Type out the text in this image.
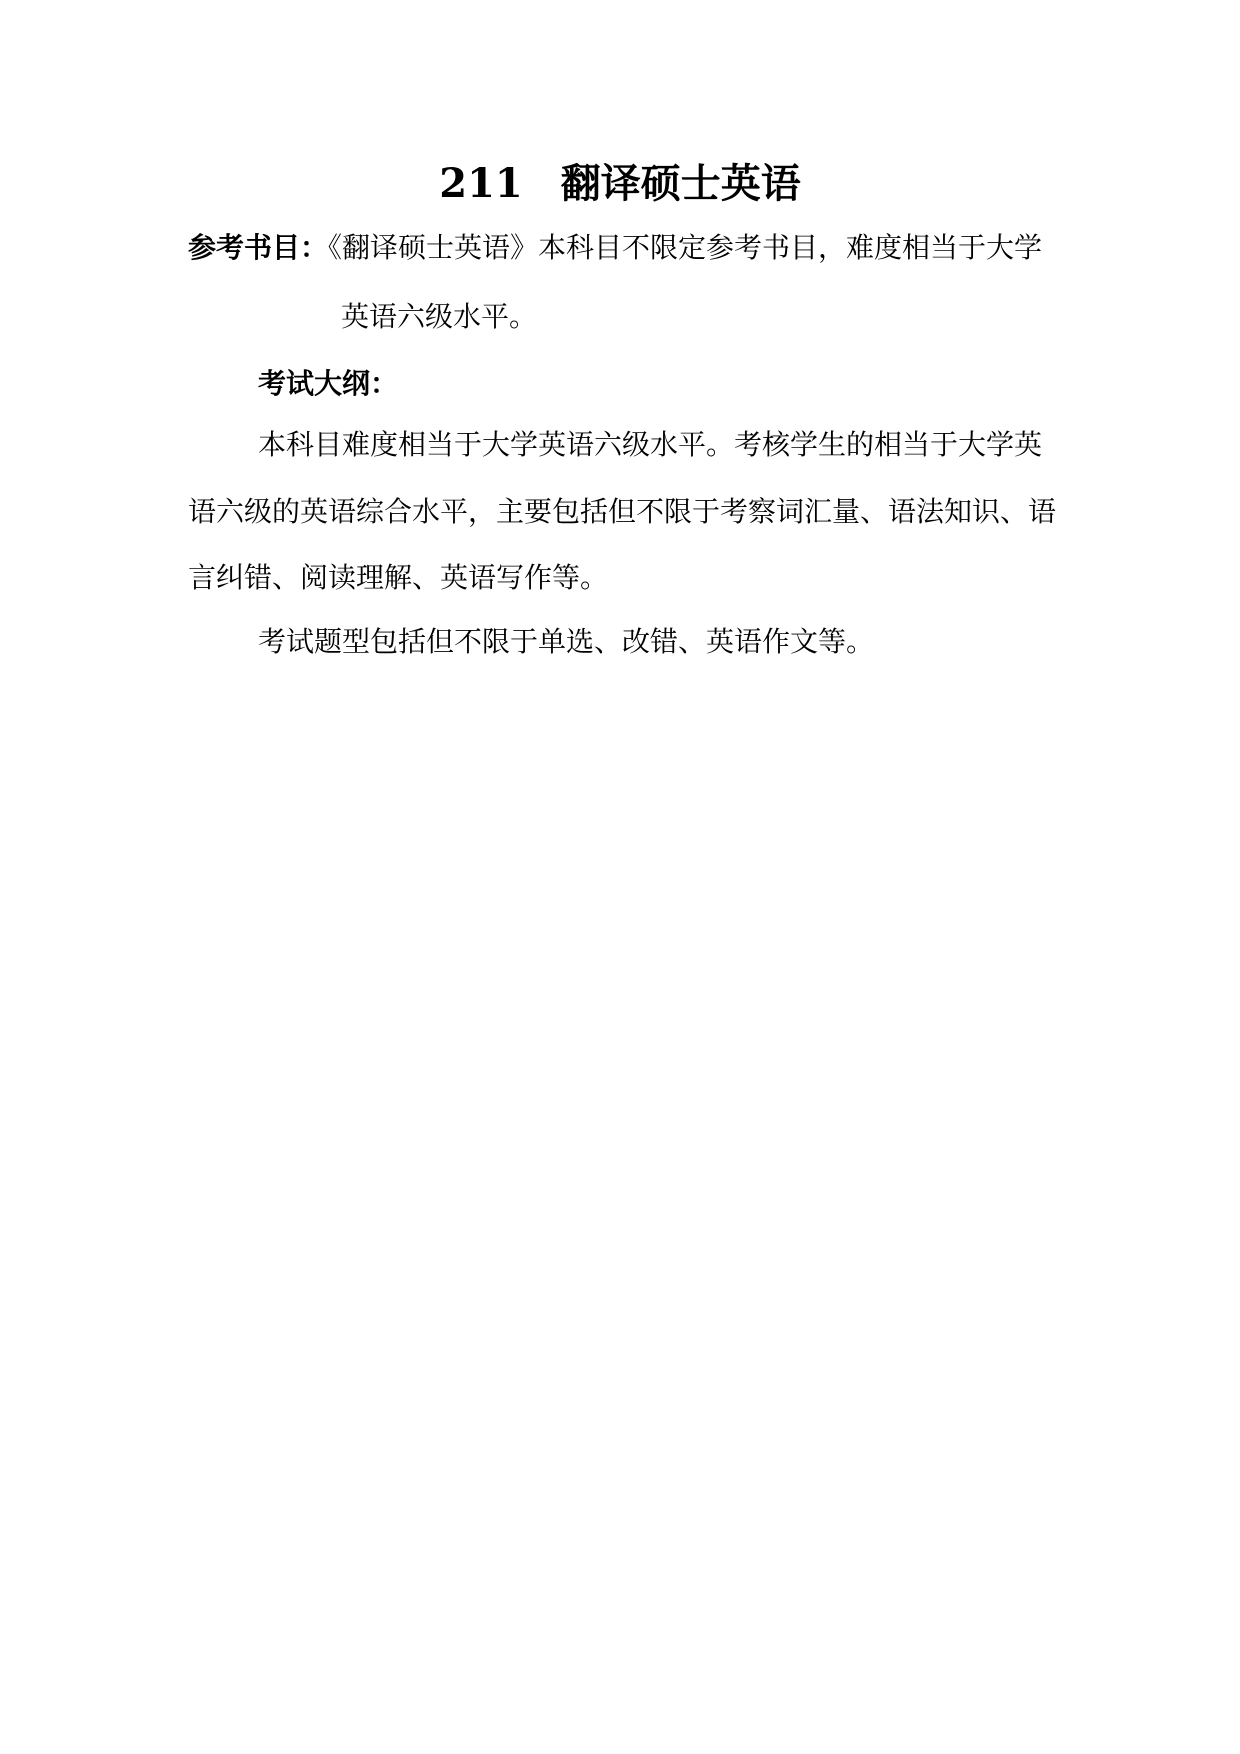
211 翻译硕士英语
参考书目：《翻译硕士英语》本科目不限定参考书目，难度相当于大学
英语六级水平。
考试大纲：
本科目难度相当于大学英语六级水平。考核学生的相当于大学英
语六级的英语综合水平，主要包括但不限于考察词汇量、语法知识、语
言纠错、阅读理解、英语写作等。
考试题型包括但不限于单选、改错、英语作文等。
